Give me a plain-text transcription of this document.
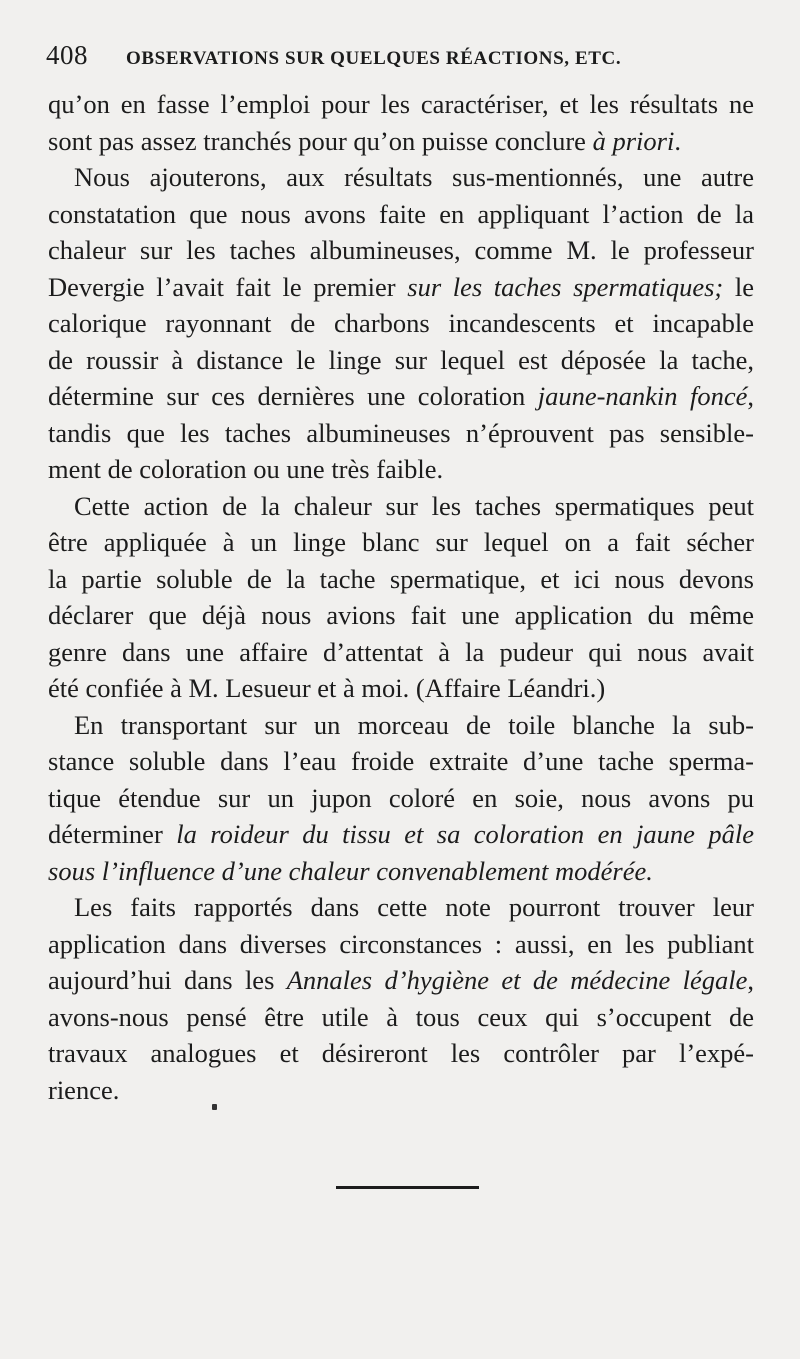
408 OBSERVATIONS SUR QUELQUES RÉACTIONS, ETC.
qu’on en fasse l’emploi pour les caractériser, et les résultats ne
sont pas assez tranchés pour qu’on puisse conclure à priori.
Nous ajouterons, aux résultats sus-mentionnés, une autre
constatation que nous avons faite en appliquant l’action de la
chaleur sur les taches albumineuses, comme M. le professeur
Devergie l’avait fait le premier sur les taches spermatiques; le
calorique rayonnant de charbons incandescents et incapable
de roussir à distance le linge sur lequel est déposée la tache,
détermine sur ces dernières une coloration jaune-nankin foncé,
tandis que les taches albumineuses n’éprouvent pas sensible-
ment de coloration ou une très faible.
Cette action de la chaleur sur les taches spermatiques peut
être appliquée à un linge blanc sur lequel on a fait sécher
la partie soluble de la tache spermatique, et ici nous devons
déclarer que déjà nous avions fait une application du même
genre dans une affaire d’attentat à la pudeur qui nous avait
été confiée à M. Lesueur et à moi. (Affaire Léandri.)
En transportant sur un morceau de toile blanche la sub-
stance soluble dans l’eau froide extraite d’une tache sperma-
tique étendue sur un jupon coloré en soie, nous avons pu
déterminer la roideur du tissu et sa coloration en jaune pâle
sous l’influence d’une chaleur convenablement modérée.
Les faits rapportés dans cette note pourront trouver leur
application dans diverses circonstances : aussi, en les publiant
aujourd’hui dans les Annales d’hygiène et de médecine légale,
avons-nous pensé être utile à tous ceux qui s’occupent de
travaux analogues et désireront les contrôler par l’expé-
rience.
